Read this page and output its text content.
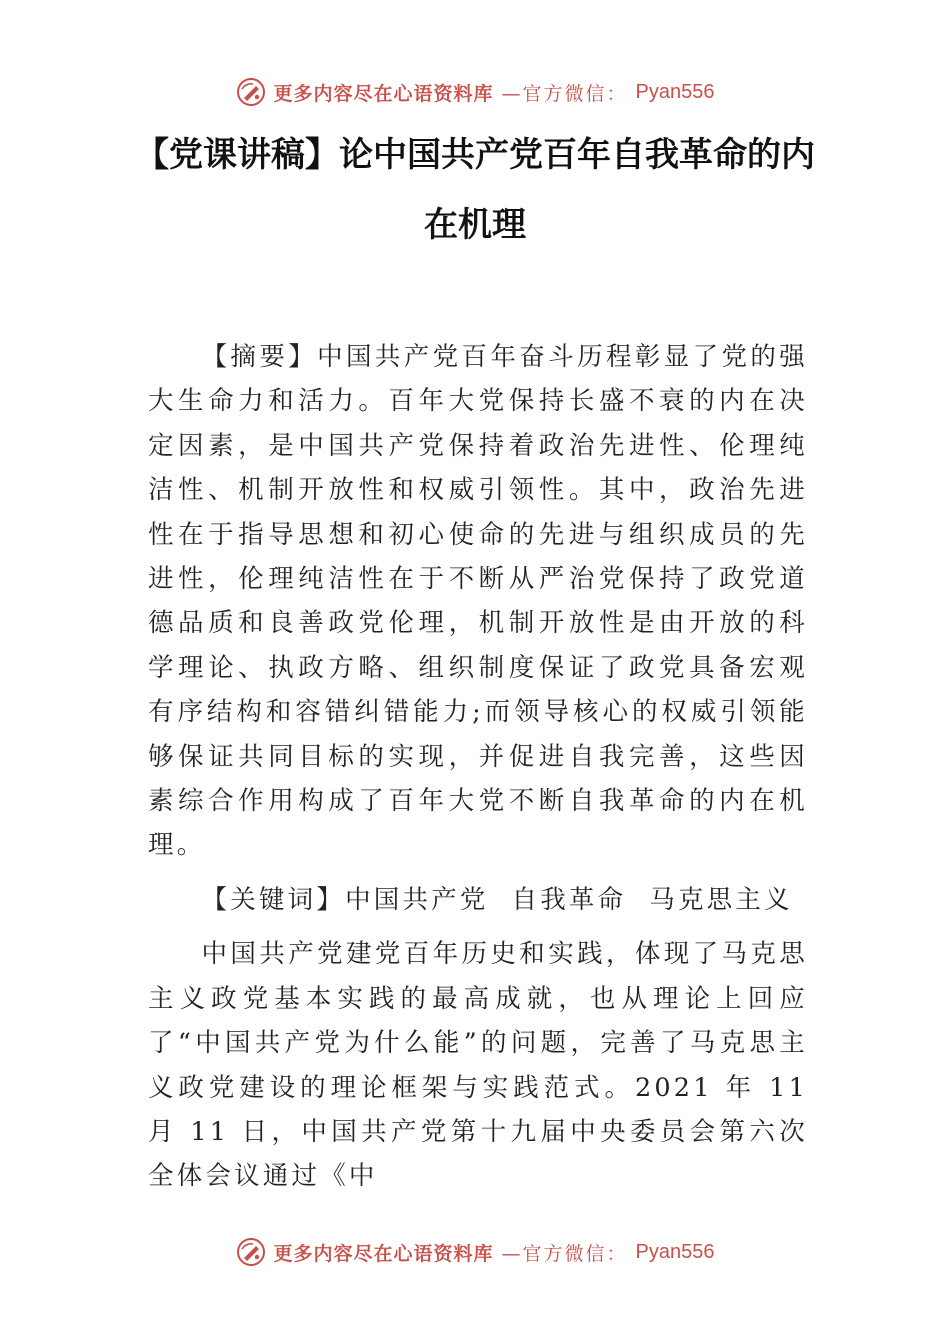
更多内容尽在心语资料库 —官方微信： Pyan556
【党课讲稿】论中国共产党百年自我革命的内
在机理

【摘要】中国共产党百年奋斗历程彰显了党的强大生命力和活力。百年大党保持长盛不衰的内在决定因素，是中国共产党保持着政治先进性、伦理纯洁性、机制开放性和权威引领性。其中，政治先进性在于指导思想和初心使命的先进与组织成员的先进性，伦理纯洁性在于不断从严治党保持了政党道德品质和良善政党伦理，机制开放性是由开放的科学理论、执政方略、组织制度保证了政党具备宏观有序结构和容错纠错能力;而领导核心的权威引领能够保证共同目标的实现，并促进自我完善，这些因素综合作用构成了百年大党不断自我革命的内在机理。

【关键词】中国共产党 自我革命 马克思主义

中国共产党建党百年历史和实践，体现了马克思主义政党基本实践的最高成就，也从理论上回应了“中国共产党为什么能”的问题，完善了马克思主义政党建设的理论框架与实践范式。2021 年 11 月 11 日，中国共产党第十九届中央委员会第六次全体会议通过《中

更多内容尽在心语资料库 —官方微信： Pyan556
